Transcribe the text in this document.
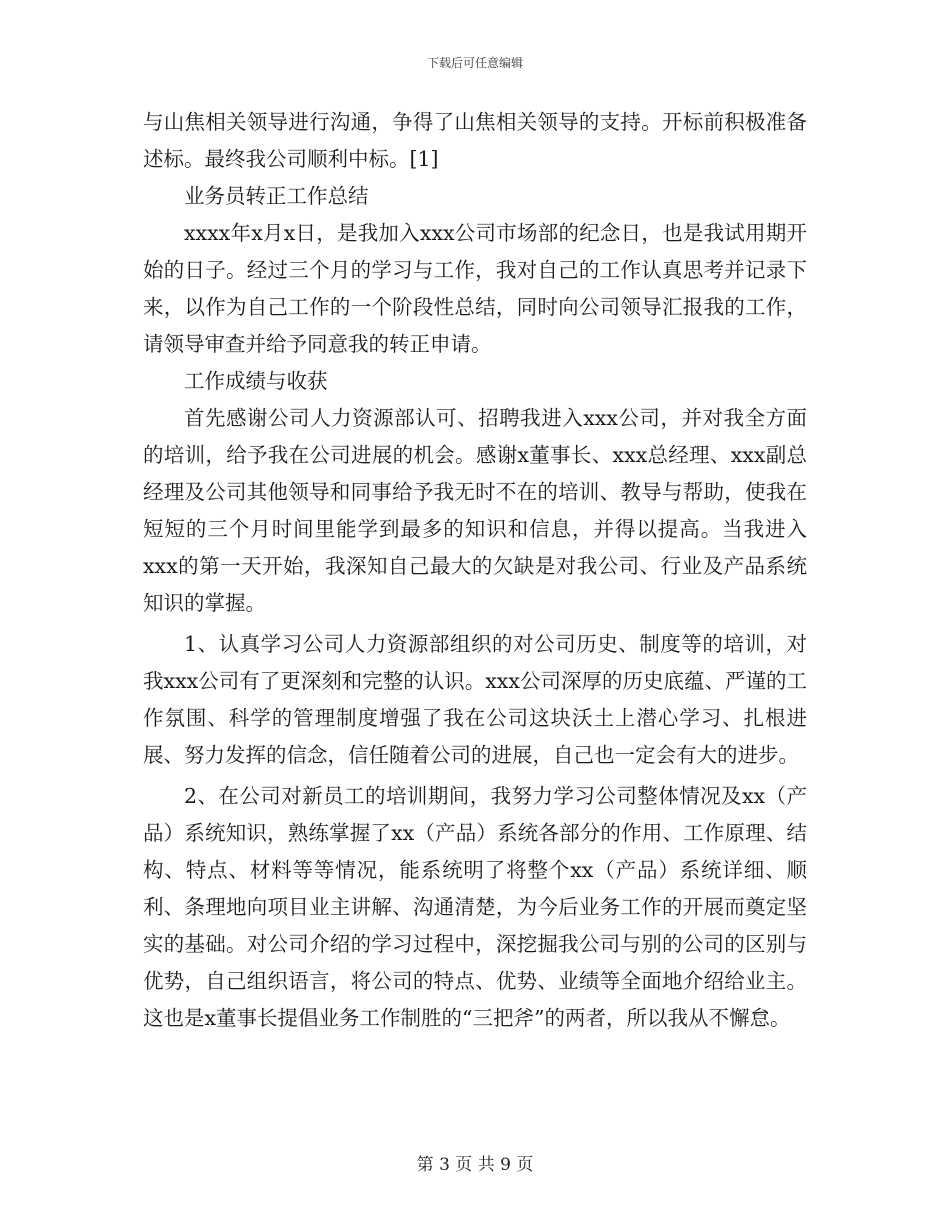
下载后可任意编辑

与山焦相关领导进行沟通，争得了山焦相关领导的支持。开标前积极准备述标。最终我公司顺利中标。[1]

业务员转正工作总结

xxxx年x月x日，是我加入xxx公司市场部的纪念日，也是我试用期开始的日子。经过三个月的学习与工作，我对自己的工作认真思考并记录下来，以作为自己工作的一个阶段性总结，同时向公司领导汇报我的工作，请领导审查并给予同意我的转正申请。

工作成绩与收获

首先感谢公司人力资源部认可、招聘我进入xxx公司，并对我全方面的培训，给予我在公司进展的机会。感谢x董事长、xxx总经理、xxx副总经理及公司其他领导和同事给予我无时不在的培训、教导与帮助，使我在短短的三个月时间里能学到最多的知识和信息，并得以提高。当我进入xxx的第一天开始，我深知自己最大的欠缺是对我公司、行业及产品系统知识的掌握。

1、认真学习公司人力资源部组织的对公司历史、制度等的培训，对我xxx公司有了更深刻和完整的认识。xxx公司深厚的历史底蕴、严谨的工作氛围、科学的管理制度增强了我在公司这块沃土上潜心学习、扎根进展、努力发挥的信念，信任随着公司的进展，自己也一定会有大的进步。

2、在公司对新员工的培训期间，我努力学习公司整体情况及xx（产品）系统知识，熟练掌握了xx（产品）系统各部分的作用、工作原理、结构、特点、材料等等情况，能系统明了将整个xx（产品）系统详细、顺利、条理地向项目业主讲解、沟通清楚，为今后业务工作的开展而奠定坚实的基础。对公司介绍的学习过程中，深挖掘我公司与别的公司的区别与优势，自己组织语言，将公司的特点、优势、业绩等全面地介绍给业主。这也是x董事长提倡业务工作制胜的“三把斧”的两者，所以我从不懈怠。

第 3 页 共 9 页
